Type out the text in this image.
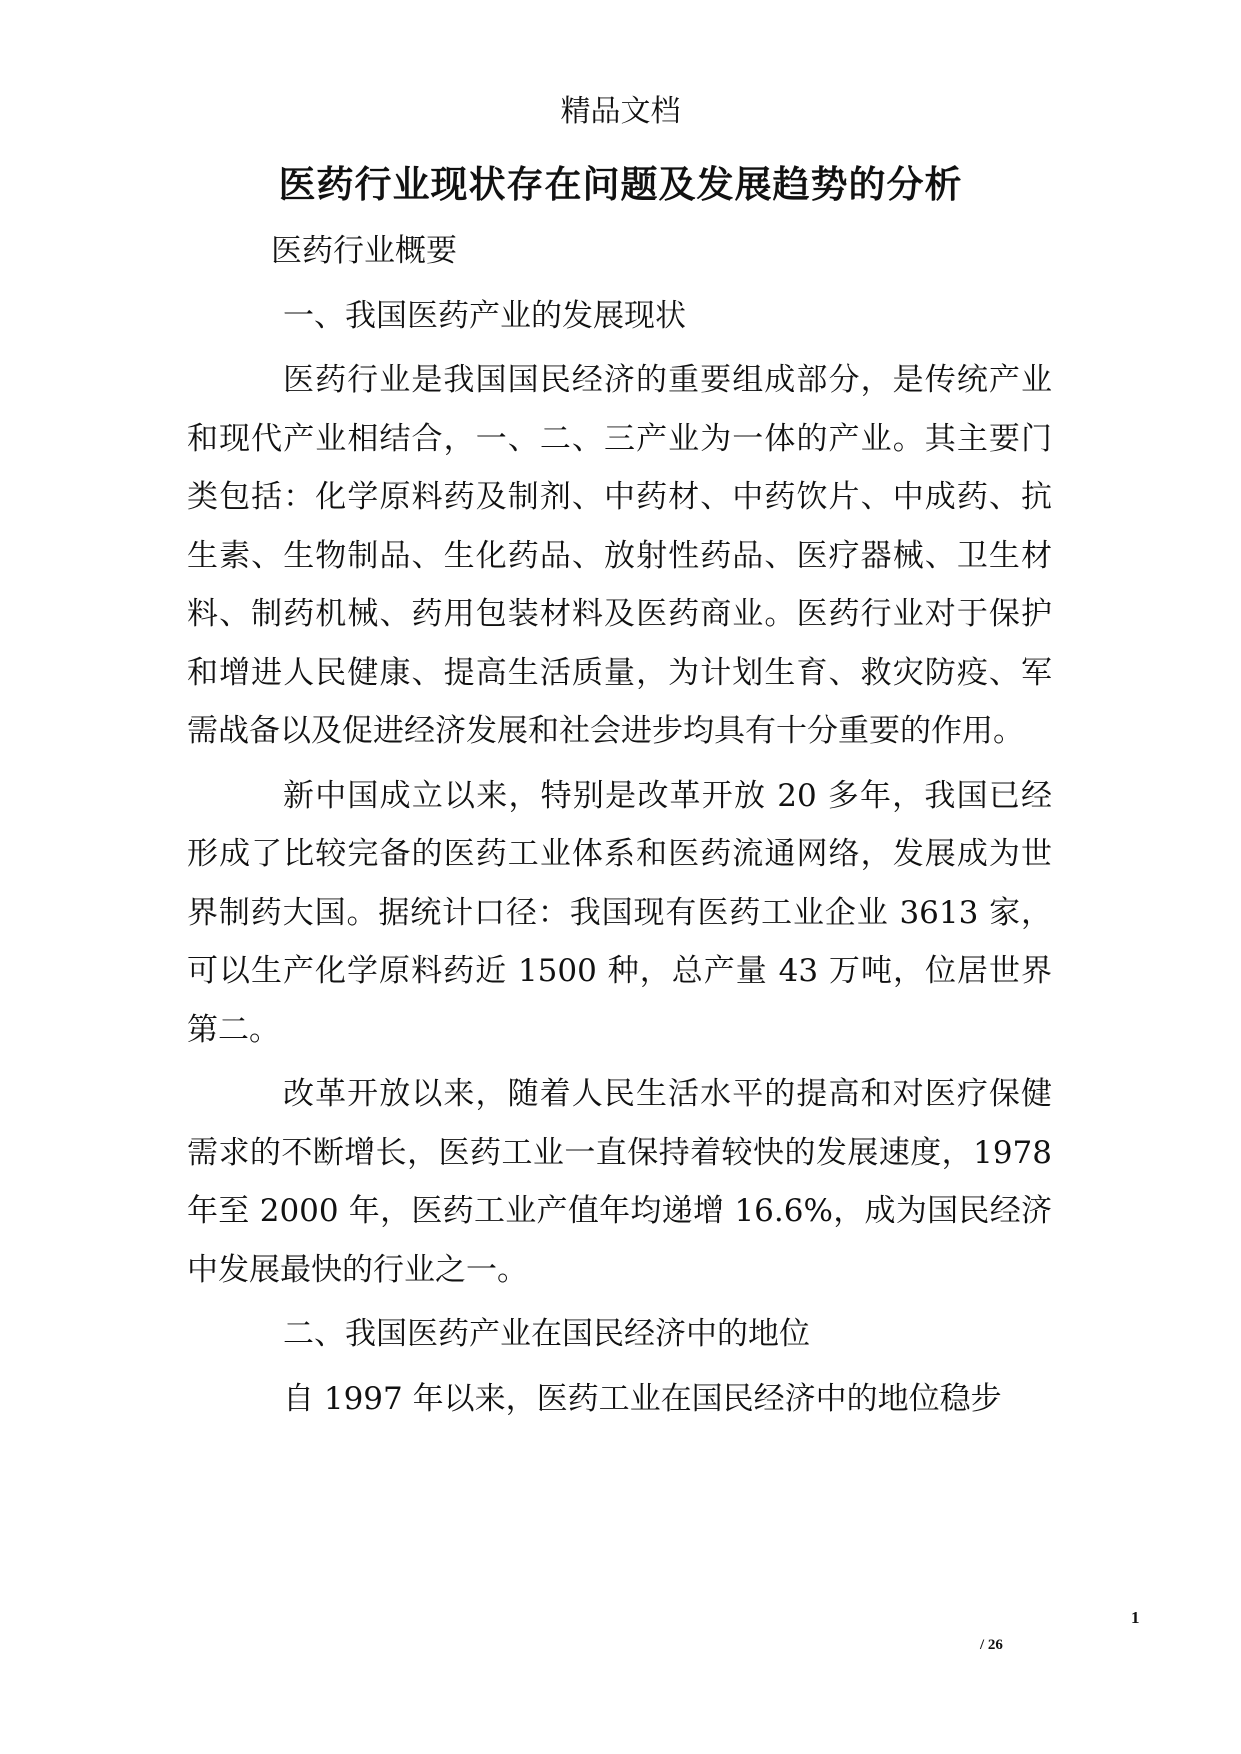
精品文档
医药行业现状存在问题及发展趋势的分析

医药行业概要

一、我国医药产业的发展现状

医药行业是我国国民经济的重要组成部分，是传统产业和现代产业相结合，一、二、三产业为一体的产业。其主要门类包括：化学原料药及制剂、中药材、中药饮片、中成药、抗生素、生物制品、生化药品、放射性药品、医疗器械、卫生材料、制药机械、药用包装材料及医药商业。医药行业对于保护和增进人民健康、提高生活质量，为计划生育、救灾防疫、军需战备以及促进经济发展和社会进步均具有十分重要的作用。

新中国成立以来，特别是改革开放 20 多年，我国已经形成了比较完备的医药工业体系和医药流通网络，发展成为世界制药大国。据统计口径：我国现有医药工业企业 3613 家，可以生产化学原料药近 1500 种，总产量 43 万吨，位居世界第二。

改革开放以来，随着人民生活水平的提高和对医疗保健需求的不断增长，医药工业一直保持着较快的发展速度，1978 年至 2000 年，医药工业产值年均递增 16.6%，成为国民经济中发展最快的行业之一。

二、我国医药产业在国民经济中的地位

自 1997 年以来，医药工业在国民经济中的地位稳步

1
/ 26
